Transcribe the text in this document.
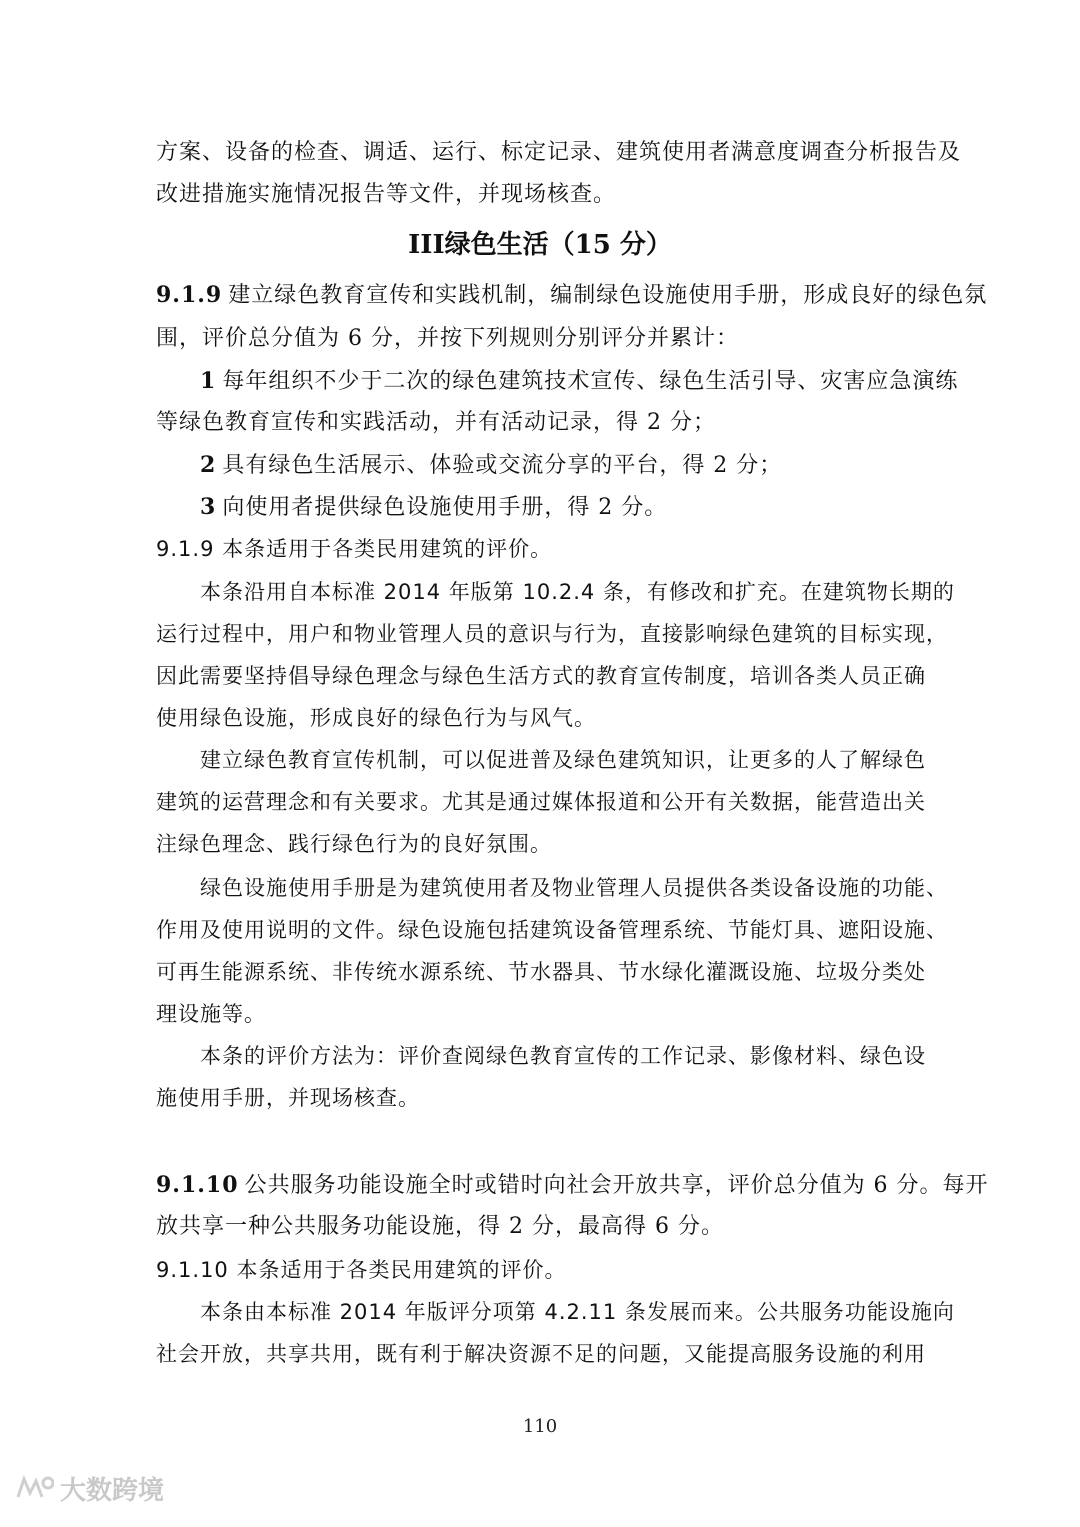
方案、设备的检查、调适、运行、标定记录、建筑使用者满意度调查分析报告及
改进措施实施情况报告等文件，并现场核查。
III绿色生活（15 分）
9.1.9 建立绿色教育宣传和实践机制，编制绿色设施使用手册，形成良好的绿色氛
围，评价总分值为 6 分，并按下列规则分别评分并累计：
1 每年组织不少于二次的绿色建筑技术宣传、绿色生活引导、灾害应急演练
等绿色教育宣传和实践活动，并有活动记录，得 2 分；
2 具有绿色生活展示、体验或交流分享的平台，得 2 分；
3 向使用者提供绿色设施使用手册，得 2 分。
9.1.9 本条适用于各类民用建筑的评价。
本条沿用自本标准 2014 年版第 10.2.4 条，有修改和扩充。在建筑物长期的
运行过程中，用户和物业管理人员的意识与行为，直接影响绿色建筑的目标实现，
因此需要坚持倡导绿色理念与绿色生活方式的教育宣传制度，培训各类人员正确
使用绿色设施，形成良好的绿色行为与风气。
建立绿色教育宣传机制，可以促进普及绿色建筑知识，让更多的人了解绿色
建筑的运营理念和有关要求。尤其是通过媒体报道和公开有关数据，能营造出关
注绿色理念、践行绿色行为的良好氛围。
绿色设施使用手册是为建筑使用者及物业管理人员提供各类设备设施的功能、
作用及使用说明的文件。绿色设施包括建筑设备管理系统、节能灯具、遮阳设施、
可再生能源系统、非传统水源系统、节水器具、节水绿化灌溉设施、垃圾分类处
理设施等。
本条的评价方法为：评价查阅绿色教育宣传的工作记录、影像材料、绿色设
施使用手册，并现场核查。
9.1.10 公共服务功能设施全时或错时向社会开放共享，评价总分值为 6 分。每开
放共享一种公共服务功能设施，得 2 分，最高得 6 分。
9.1.10 本条适用于各类民用建筑的评价。
本条由本标准 2014 年版评分项第 4.2.11 条发展而来。公共服务功能设施向
社会开放，共享共用，既有利于解决资源不足的问题，又能提高服务设施的利用
110
大数跨境
